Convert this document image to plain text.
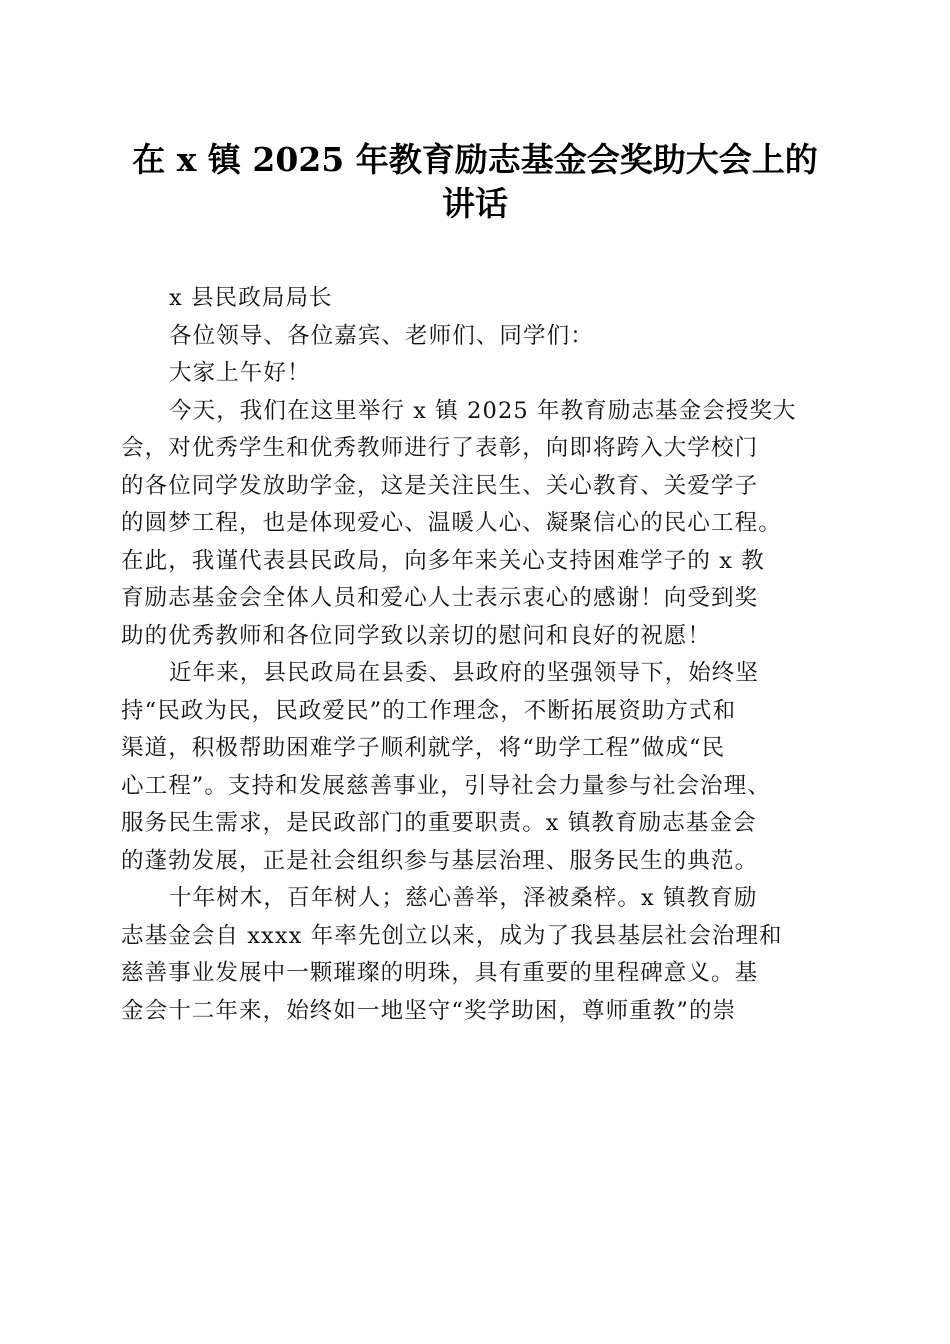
在 x 镇 2025 年教育励志基金会奖助大会上的
讲话

x 县民政局局长

各位领导、各位嘉宾、老师们、同学们：

大家上午好！

今天，我们在这里举行 x 镇 2025 年教育励志基金会授奖大
会，对优秀学生和优秀教师进行了表彰，向即将跨入大学校门
的各位同学发放助学金，这是关注民生、关心教育、关爱学子
的圆梦工程，也是体现爱心、温暖人心、凝聚信心的民心工程。
在此，我谨代表县民政局，向多年来关心支持困难学子的 x 教
育励志基金会全体人员和爱心人士表示衷心的感谢！向受到奖
助的优秀教师和各位同学致以亲切的慰问和良好的祝愿！

近年来，县民政局在县委、县政府的坚强领导下，始终坚
持“民政为民，民政爱民”的工作理念，不断拓展资助方式和
渠道，积极帮助困难学子顺利就学，将“助学工程”做成“民
心工程”。支持和发展慈善事业，引导社会力量参与社会治理、
服务民生需求，是民政部门的重要职责。x 镇教育励志基金会
的蓬勃发展，正是社会组织参与基层治理、服务民生的典范。

十年树木，百年树人；慈心善举，泽被桑梓。x 镇教育励
志基金会自 xxxx 年率先创立以来，成为了我县基层社会治理和
慈善事业发展中一颗璀璨的明珠，具有重要的里程碑意义。基
金会十二年来，始终如一地坚守“奖学助困，尊师重教”的崇
